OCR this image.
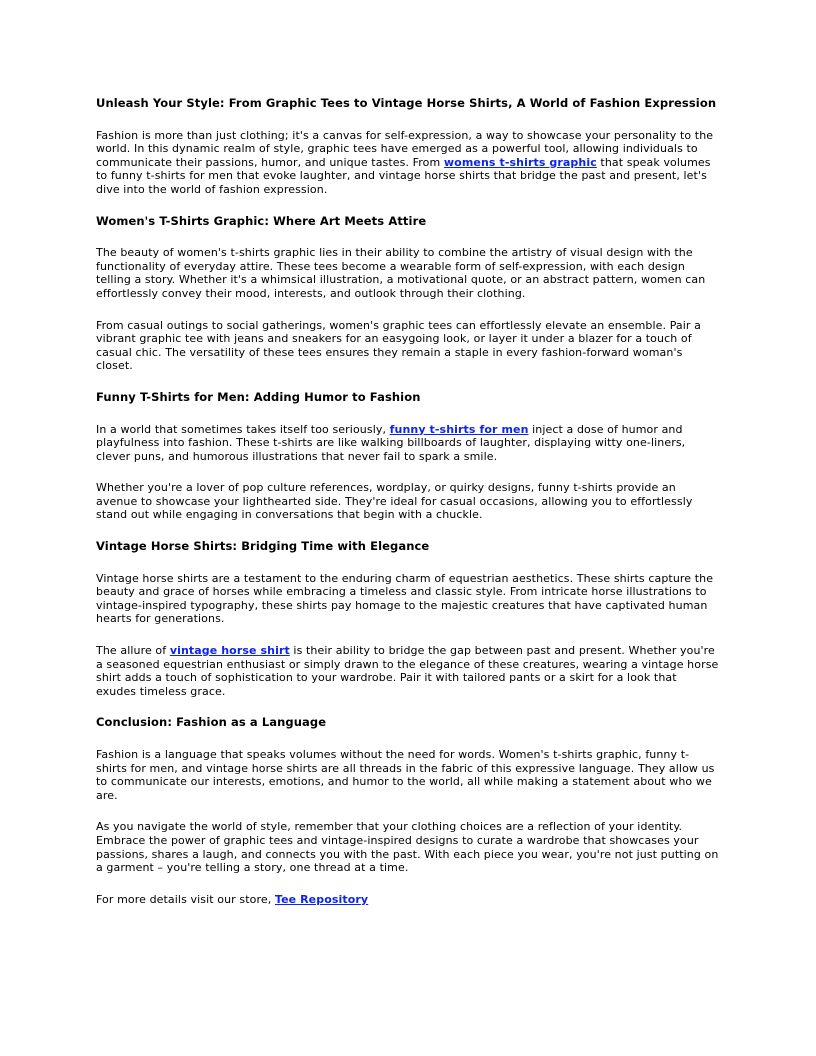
Unleash Your Style: From Graphic Tees to Vintage Horse Shirts, A World of Fashion Expression

Fashion is more than just clothing; it's a canvas for self-expression, a way to showcase your personality to the world. In this dynamic realm of style, graphic tees have emerged as a powerful tool, allowing individuals to communicate their passions, humor, and unique tastes. From womens t-shirts graphic that speak volumes to funny t-shirts for men that evoke laughter, and vintage horse shirts that bridge the past and present, let's dive into the world of fashion expression.

Women's T-Shirts Graphic: Where Art Meets Attire

The beauty of women's t-shirts graphic lies in their ability to combine the artistry of visual design with the functionality of everyday attire. These tees become a wearable form of self-expression, with each design telling a story. Whether it's a whimsical illustration, a motivational quote, or an abstract pattern, women can effortlessly convey their mood, interests, and outlook through their clothing.

From casual outings to social gatherings, women's graphic tees can effortlessly elevate an ensemble. Pair a vibrant graphic tee with jeans and sneakers for an easygoing look, or layer it under a blazer for a touch of casual chic. The versatility of these tees ensures they remain a staple in every fashion-forward woman's closet.

Funny T-Shirts for Men: Adding Humor to Fashion

In a world that sometimes takes itself too seriously, funny t-shirts for men inject a dose of humor and playfulness into fashion. These t-shirts are like walking billboards of laughter, displaying witty one-liners, clever puns, and humorous illustrations that never fail to spark a smile.

Whether you're a lover of pop culture references, wordplay, or quirky designs, funny t-shirts provide an avenue to showcase your lighthearted side. They're ideal for casual occasions, allowing you to effortlessly stand out while engaging in conversations that begin with a chuckle.

Vintage Horse Shirts: Bridging Time with Elegance

Vintage horse shirts are a testament to the enduring charm of equestrian aesthetics. These shirts capture the beauty and grace of horses while embracing a timeless and classic style. From intricate horse illustrations to vintage-inspired typography, these shirts pay homage to the majestic creatures that have captivated human hearts for generations.

The allure of vintage horse shirt is their ability to bridge the gap between past and present. Whether you're a seasoned equestrian enthusiast or simply drawn to the elegance of these creatures, wearing a vintage horse shirt adds a touch of sophistication to your wardrobe. Pair it with tailored pants or a skirt for a look that exudes timeless grace.

Conclusion: Fashion as a Language

Fashion is a language that speaks volumes without the need for words. Women's t-shirts graphic, funny t-shirts for men, and vintage horse shirts are all threads in the fabric of this expressive language. They allow us to communicate our interests, emotions, and humor to the world, all while making a statement about who we are.

As you navigate the world of style, remember that your clothing choices are a reflection of your identity. Embrace the power of graphic tees and vintage-inspired designs to curate a wardrobe that showcases your passions, shares a laugh, and connects you with the past. With each piece you wear, you're not just putting on a garment – you're telling a story, one thread at a time.

For more details visit our store, Tee Repository
